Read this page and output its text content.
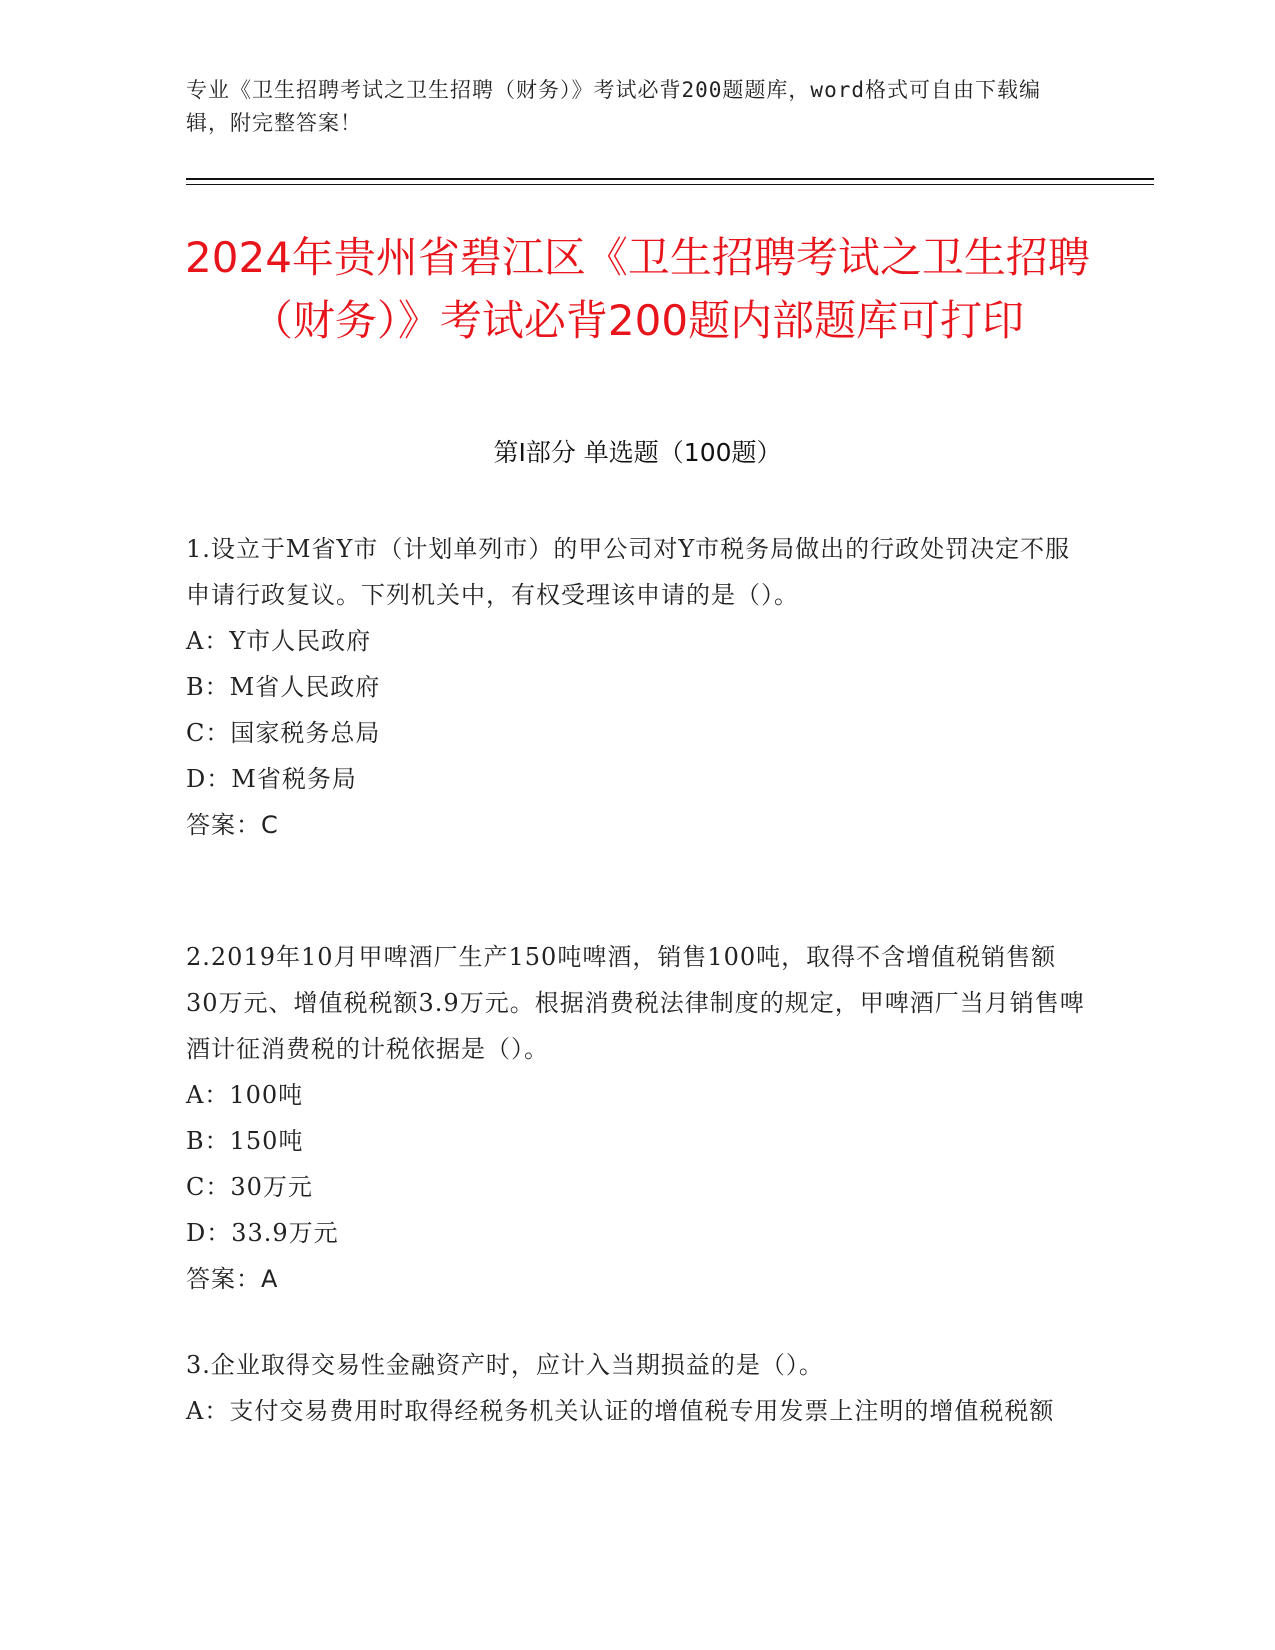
专业《卫生招聘考试之卫生招聘（财务）》考试必背200题题库，word格式可自由下载编辑，附完整答案！
2024年贵州省碧江区《卫生招聘考试之卫生招聘（财务）》考试必背200题内部题库可打印
第I部分 单选题（100题）

1.设立于M省Y市（计划单列市）的甲公司对Y市税务局做出的行政处罚决定不服申请行政复议。下列机关中，有权受理该申请的是（）。

A：Y市人民政府

B：M省人民政府

C：国家税务总局

D：M省税务局

答案：C

2.2019年10月甲啤酒厂生产150吨啤酒，销售100吨，取得不含增值税销售额30万元、增值税税额3.9万元。根据消费税法律制度的规定，甲啤酒厂当月销售啤酒计征消费税的计税依据是（）。

A：100吨

B：150吨

C：30万元

D：33.9万元

答案：A

3.企业取得交易性金融资产时，应计入当期损益的是（）。

A：支付交易费用时取得经税务机关认证的增值税专用发票上注明的增值税税额
